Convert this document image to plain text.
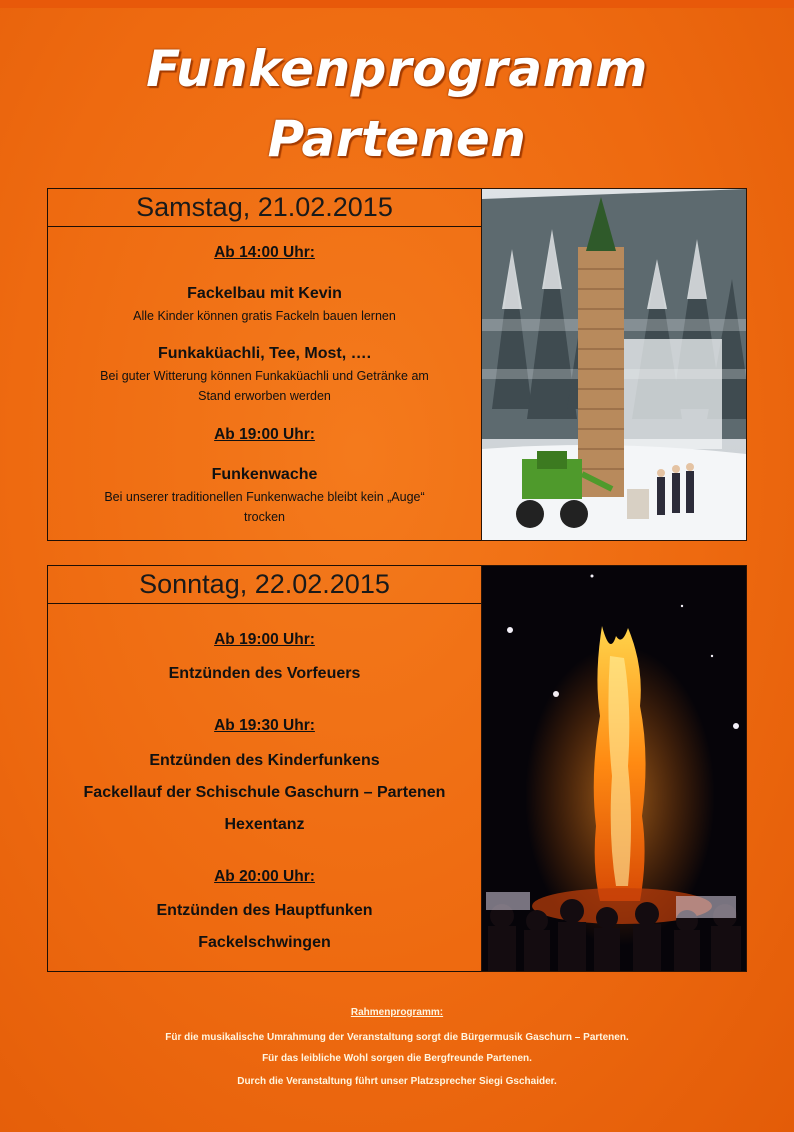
Funkenprogramm
Partenen
Samstag, 21.02.2015
Ab 14:00 Uhr:
Fackelbau mit Kevin
Alle Kinder können gratis Fackeln bauen lernen
Funkaküachli, Tee, Most, ….
Bei guter Witterung können Funkaküachli und Getränke am
Stand erworben werden
Ab 19:00 Uhr:
Funkenwache
Bei unserer traditionellen Funkenwache bleibt kein „Auge“
trocken
Sonntag, 22.02.2015
Ab 19:00 Uhr:
Entzünden des Vorfeuers
Ab 19:30 Uhr:
Entzünden des Kinderfunkens
Fackellauf der Schischule Gaschurn – Partenen
Hexentanz
Ab 20:00 Uhr:
Entzünden des Hauptfunken
Fackelschwingen
Rahmenprogramm:
Für die musikalische Umrahmung der Veranstaltung sorgt die Bürgermusik Gaschurn – Partenen.
Für das leibliche Wohl sorgen die Bergfreunde Partenen.
Durch die Veranstaltung führt unser Platzsprecher Siegi Gschaider.
